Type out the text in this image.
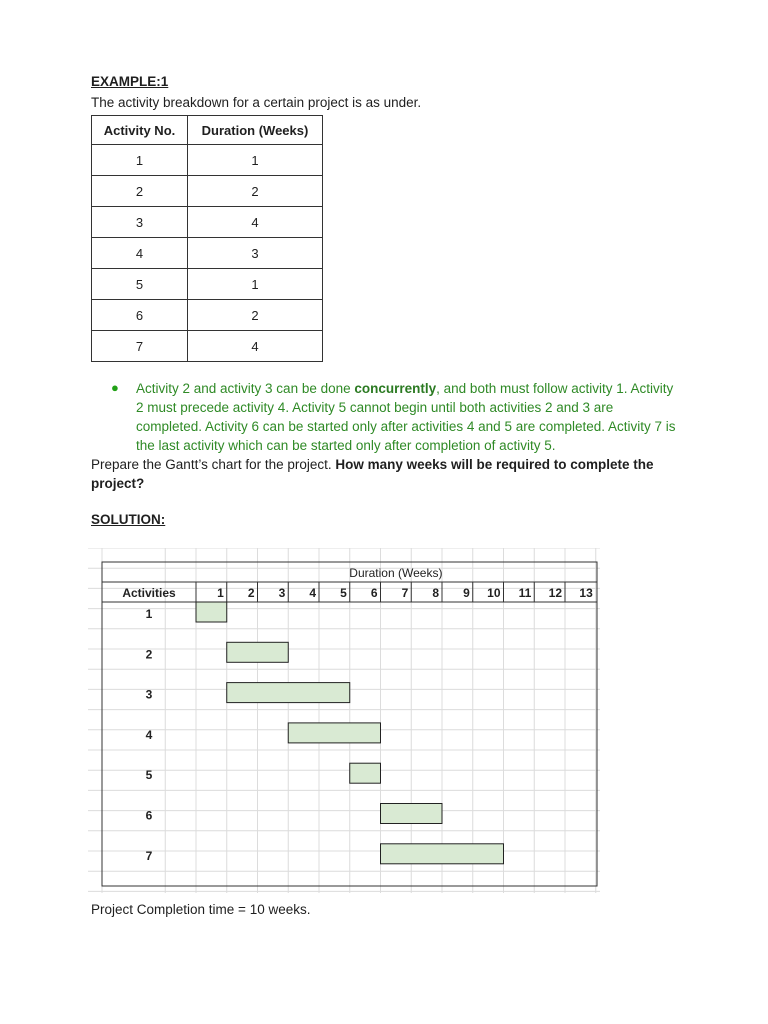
EXAMPLE:1
The activity breakdown for a certain project is as under.
Activity No.	Duration (Weeks)
1	1
2	2
3	4
4	3
5	1
6	2
7	4
● Activity 2 and activity 3 can be done concurrently, and both must follow activity 1. Activity 2 must precede activity 4. Activity 5 cannot begin until both activities 2 and 3 are completed. Activity 6 can be started only after activities 4 and 5 are completed. Activity 7 is the last activity which can be started only after completion of activity 5.
Prepare the Gantt’s chart for the project. How many weeks will be required to complete the project?
SOLUTION:
Duration (Weeks)
Activities	1 2 3 4 5 6 7 8 9 10 11 12 13
1
2
3
4
5
6
7
Project Completion time = 10 weeks.
